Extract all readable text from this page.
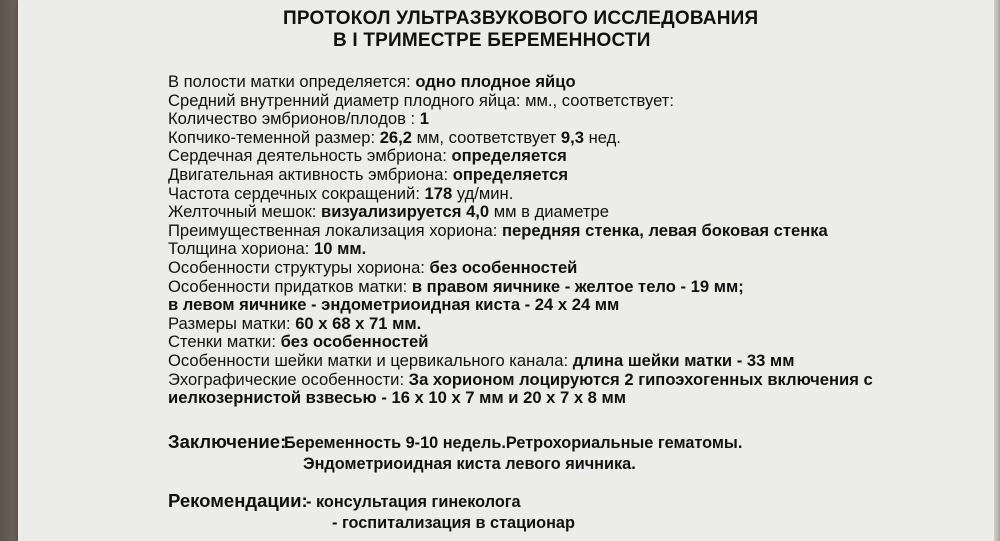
ПРОТОКОЛ УЛЬТРАЗВУКОВОГО ИССЛЕДОВАНИЯ
В I ТРИМЕСТРЕ БЕРЕМЕННОСТИ
В полости матки определяется: одно плодное яйцо
Средний внутренний диаметр плодного яйца: мм., соответствует:
Количество эмбрионов/плодов : 1
Копчико-теменной размер: 26,2 мм, соответствует 9,3 нед.
Сердечная деятельность эмбриона: определяется
Двигательная активность эмбриона: определяется
Частота сердечных сокращений: 178 уд/мин.
Желточный мешок: визуализируется 4,0 мм в диаметре
Преимущественная локализация хориона: передняя стенка, левая боковая стенка
Толщина хориона: 10 мм.
Особенности структуры хориона: без особенностей
Особенности придатков матки: в правом яичнике - желтое тело - 19 мм;
в левом яичнике - эндометриоидная киста - 24 х 24 мм
Размеры матки: 60 х 68 х 71 мм.
Стенки матки: без особенностей
Особенности шейки матки и цервикального канала: длина шейки матки - 33 мм
Эхографические особенности: За хорионом лоцируются 2 гипоэхогенных включения с
иелкозернистой взвесью - 16 х 10 х 7 мм и 20 х 7 х 8 мм
Заключение:
Беременность 9-10 недель.Ретрохориальные гематомы.
Эндометриоидная киста левого яичника.
Рекомендации:
- консультация гинеколога
- госпитализация в стационар
